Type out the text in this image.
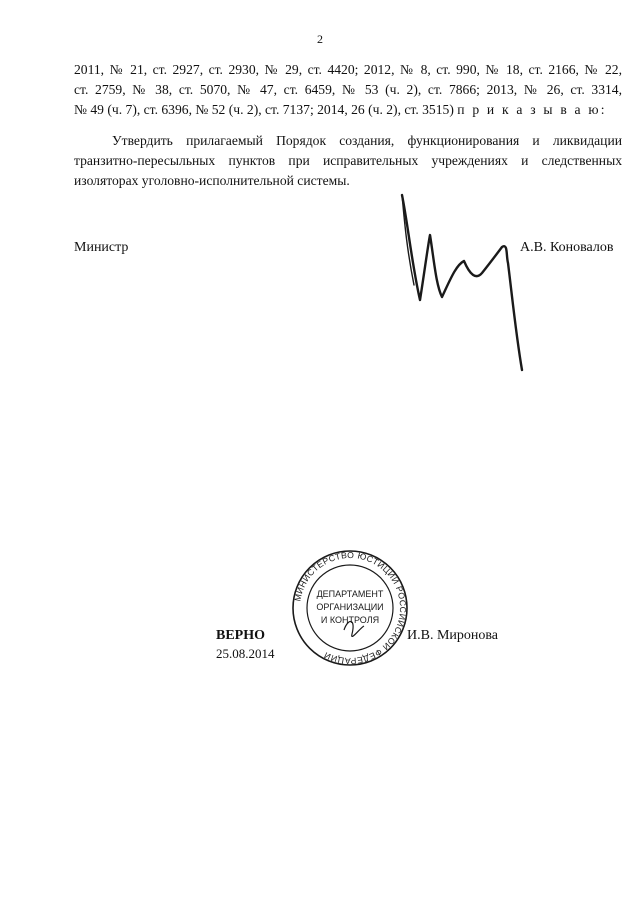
2
2011, № 21, ст. 2927, ст. 2930, № 29, ст. 4420; 2012, № 8, ст. 990, № 18, ст. 2166, № 22,
ст. 2759, № 38, ст. 5070, № 47, ст. 6459, № 53 (ч. 2), ст. 7866; 2013, № 26, ст. 3314,
№ 49 (ч. 7), ст. 6396, № 52 (ч. 2), ст. 7137; 2014, 26 (ч. 2), ст. 3515) п р и к а з ы в а ю:
Утвердить прилагаемый Порядок создания, функционирования и ликвидации
транзитно-пересыльных пунктов при исправительных учреждениях и следственных
изоляторах уголовно-исполнительной системы.
Министр	А.В. Коновалов
МИНИСТЕРСТВО ЮСТИЦИИ РОССИЙСКОЙ ФЕДЕРАЦИИ
ДЕПАРТАМЕНТ
ОРГАНИЗАЦИИ
И КОНТРОЛЯ
ВЕРНО
25.08.2014
И.В. Миронова
